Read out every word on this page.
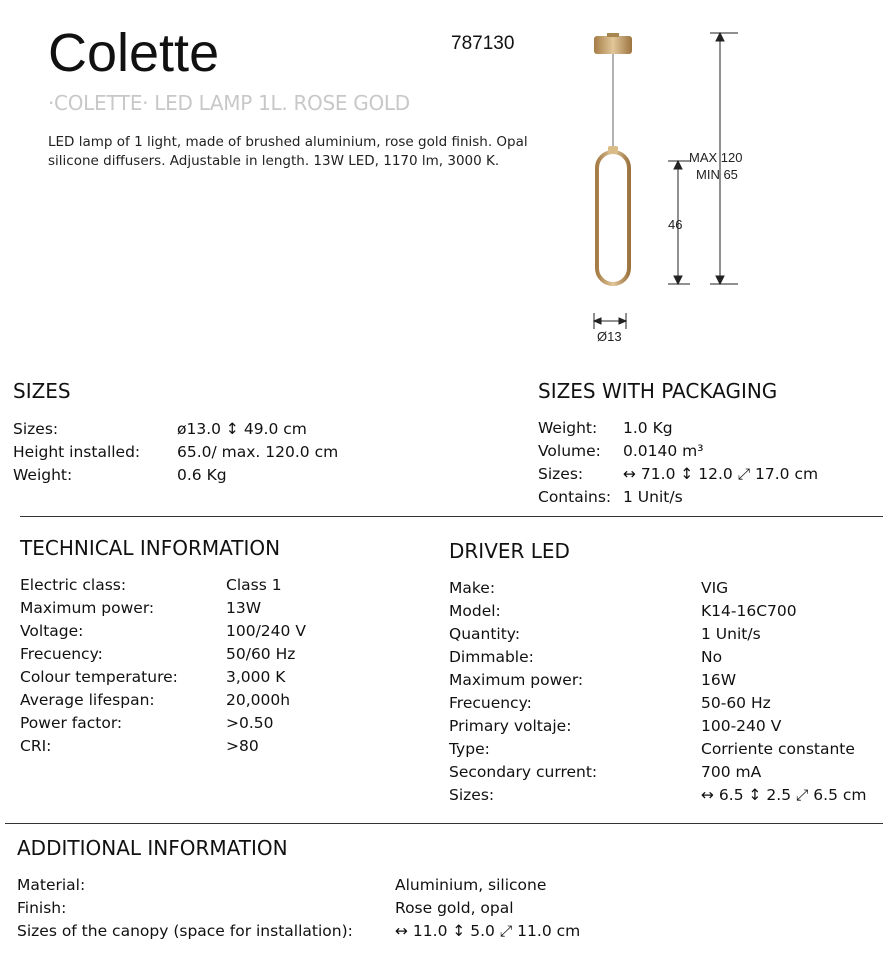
Colette	787130
·COLETTE· LED LAMP 1L. ROSE GOLD
LED lamp of 1 light, made of brushed aluminium, rose gold finish. Opal silicone diffusers. Adjustable in length. 13W LED, 1170 lm, 3000 K.	MAX 120
MIN 65
46
Ø13
SIZES
Sizes:	ø13.0 ↕ 49.0 cm
Height installed: 65.0/ max. 120.0 cm
Weight:	0.6 Kg
SIZES WITH PACKAGING
Weight: 1.0 Kg
Volume: 0.0140 m³
Sizes:	↔ 71.0 ↕ 12.0 ⤢ 17.0 cm
Contains: 1 Unit/s
TECHNICAL INFORMATION
Electric class:	Class 1
Maximum power:	13W
Voltage:	100/240 V
Frecuency:	50/60 Hz
Colour temperature:	3,000 K
Average lifespan:	20,000h
Power factor:	>0.50
CRI:	>80
DRIVER LED
Make:	VIG
Model:	K14-16C700
Quantity:	1 Unit/s
Dimmable:	No
Maximum power:	16W
Frecuency:	50-60 Hz
Primary voltaje:	100-240 V
Type:	Corriente constante
Secondary current:	700 mA
Sizes:	↔ 6.5 ↕ 2.5 ⤢ 6.5 cm
ADDITIONAL INFORMATION
Material:	Aluminium, silicone
Finish:	Rose gold, opal
Sizes of the canopy (space for installation):	↔ 11.0 ↕ 5.0 ⤢ 11.0 cm
